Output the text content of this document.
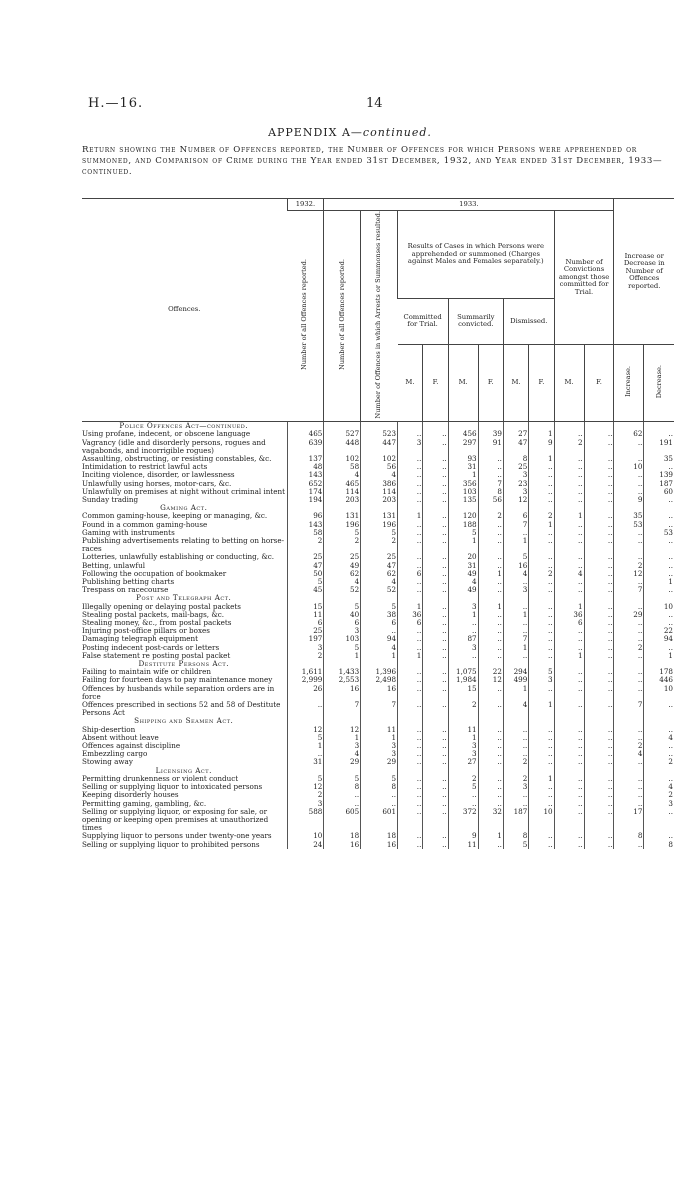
H.—16.	14
APPENDIX A—continued.

Return showing the Number of Offences reported, the Number of Offences for which Persons were apprehended or summoned, and Comparison of Crime during the Year ended 31st December, 1932, and Year ended 31st December, 1933—continued.

Offences.	1932.	1933.										Increase or Decrease in Number of Offences reported.	
	Number of all Offences reported.	Number of all Offences reported.	Number of Offences in which Arrests or Summonses resulted.	Results of Cases in which Persons were apprehended or summoned (Charges against Males and Females separately.)						Number of Convictions amongst those committed for Trial.			
				Committed for Trial.		Summarily convicted.		Dismissed.					
				M.	F.	M.	F.	M.	F.	M.	F.	Increase.	Decrease.
Police Offences Act—continued.													
Using profane, indecent, or obscene language	465	527	523	..	..	456	39	27	1	..	..	62	..
Vagrancy (idle and disorderly persons, rogues and vagabonds, and incorrigible rogues)	639	448	447	3	..	297	91	47	9	2	..	..	191
Assaulting, obstructing, or resisting constables, &c.	137	102	102	..	..	93	..	8	1	..	..	..	35
Intimidation to restrict lawful acts	48	58	56	..	..	31	..	25	..	..	..	10	..
Inciting violence, disorder, or lawlessness	143	4	4	..	..	1	..	3	..	..	..	..	139
Unlawfully using horses, motor-cars, &c.	652	465	386	..	..	356	7	23	..	..	..	..	187
Unlawfully on premises at night without criminal intent	174	114	114	..	..	103	8	3	..	..	..	..	60
Sunday trading	194	203	203	..	..	135	56	12	..	..	..	9	..
Gaming Act.													
Common gaming-house, keeping or managing, &c.	96	131	131	1	..	120	2	6	2	1	..	35	..
Found in a common gaming-house	143	196	196	..	..	188	..	7	1	..	..	53	..
Gaming with instruments	58	5	5	..	..	5	..	..	..	..	..	..	53
Publishing advertisements relating to betting on horse-races	2	2	2	..	..	1	..	1	..	..	..	..	..
Lotteries, unlawfully establishing or conducting, &c.	25	25	25	..	..	20	..	5	..	..	..	..	..
Betting, unlawful	47	49	47	..	..	31	..	16	..	..	..	2	..
Following the occupation of bookmaker	50	62	62	6	..	49	1	4	2	4	..	12	..
Publishing betting charts	5	4	4	..	..	4	..	..	..	..	..	..	1
Trespass on racecourse	45	52	52	..	..	49	..	3	..	..	..	7	..
Post and Telegraph Act.													
Illegally opening or delaying postal packets	15	5	5	1	..	3	1	..	..	1	..	..	10
Stealing postal packets, mail-bags, &c.	11	40	38	36	..	1	..	1	..	36	..	29	..
Stealing money, &c., from postal packets	6	6	6	6	..	..	..	..	..	6	..	..	..
Injuring post-office pillars or boxes	25	3	..	..	..	..	..	..	..	..	..	..	22
Damaging telegraph equipment	197	103	94	..	..	87	..	7	..	..	..	..	94
Posting indecent post-cards or letters	3	5	4	..	..	3	..	1	..	..	..	2	..
False statement re posting postal packet	2	1	1	1	..	..	..	..	..	1	..	..	1
Destitute Persons Act.													
Failing to maintain wife or children	1,611	1,433	1,396	..	..	1,075	22	294	5	..	..	..	178
Failing for fourteen days to pay maintenance money	2,999	2,553	2,498	..	..	1,984	12	499	3	..	..	..	446
Offences by husbands while separation orders are in force	26	16	16	..	..	15	..	1	..	..	..	..	10
Offences prescribed in sections 52 and 58 of Destitute Persons Act	..	7	7	..	..	2	..	4	1	..	..	7	..
Shipping and Seamen Act.													
Ship-desertion	12	12	11	..	..	11	..	..	..	..	..	..	..
Absent without leave	5	1	1	..	..	1	..	..	..	..	..	..	4
Offences against discipline	1	3	3	..	..	3	..	..	..	..	..	2	..
Embezzling cargo	..	4	3	..	..	3	..	..	..	..	..	4	..
Stowing away	31	29	29	..	..	27	..	2	..	..	..	..	2
Licensing Act.													
Permitting drunkenness or violent conduct	5	5	5	..	..	2	..	2	1	..	..	..	..
Selling or supplying liquor to intoxicated persons	12	8	8	..	..	5	..	3	..	..	..	..	4
Keeping disorderly houses	2	..	..	..	..	..	..	..	..	..	..	..	2
Permitting gaming, gambling, &c.	3	..	..	..	..	..	..	..	..	..	..	..	3
Selling or supplying liquor, or exposing for sale, or opening or keeping open premises at unauthorized times	588	605	601	..	..	372	32	187	10	..	..	17	..
Supplying liquor to persons under twenty-one years	10	18	18	..	..	9	1	8	..	..	..	8	..
Selling or supplying liquor to prohibited persons	24	16	16	..	..	11	..	5	..	..	..	..	8
